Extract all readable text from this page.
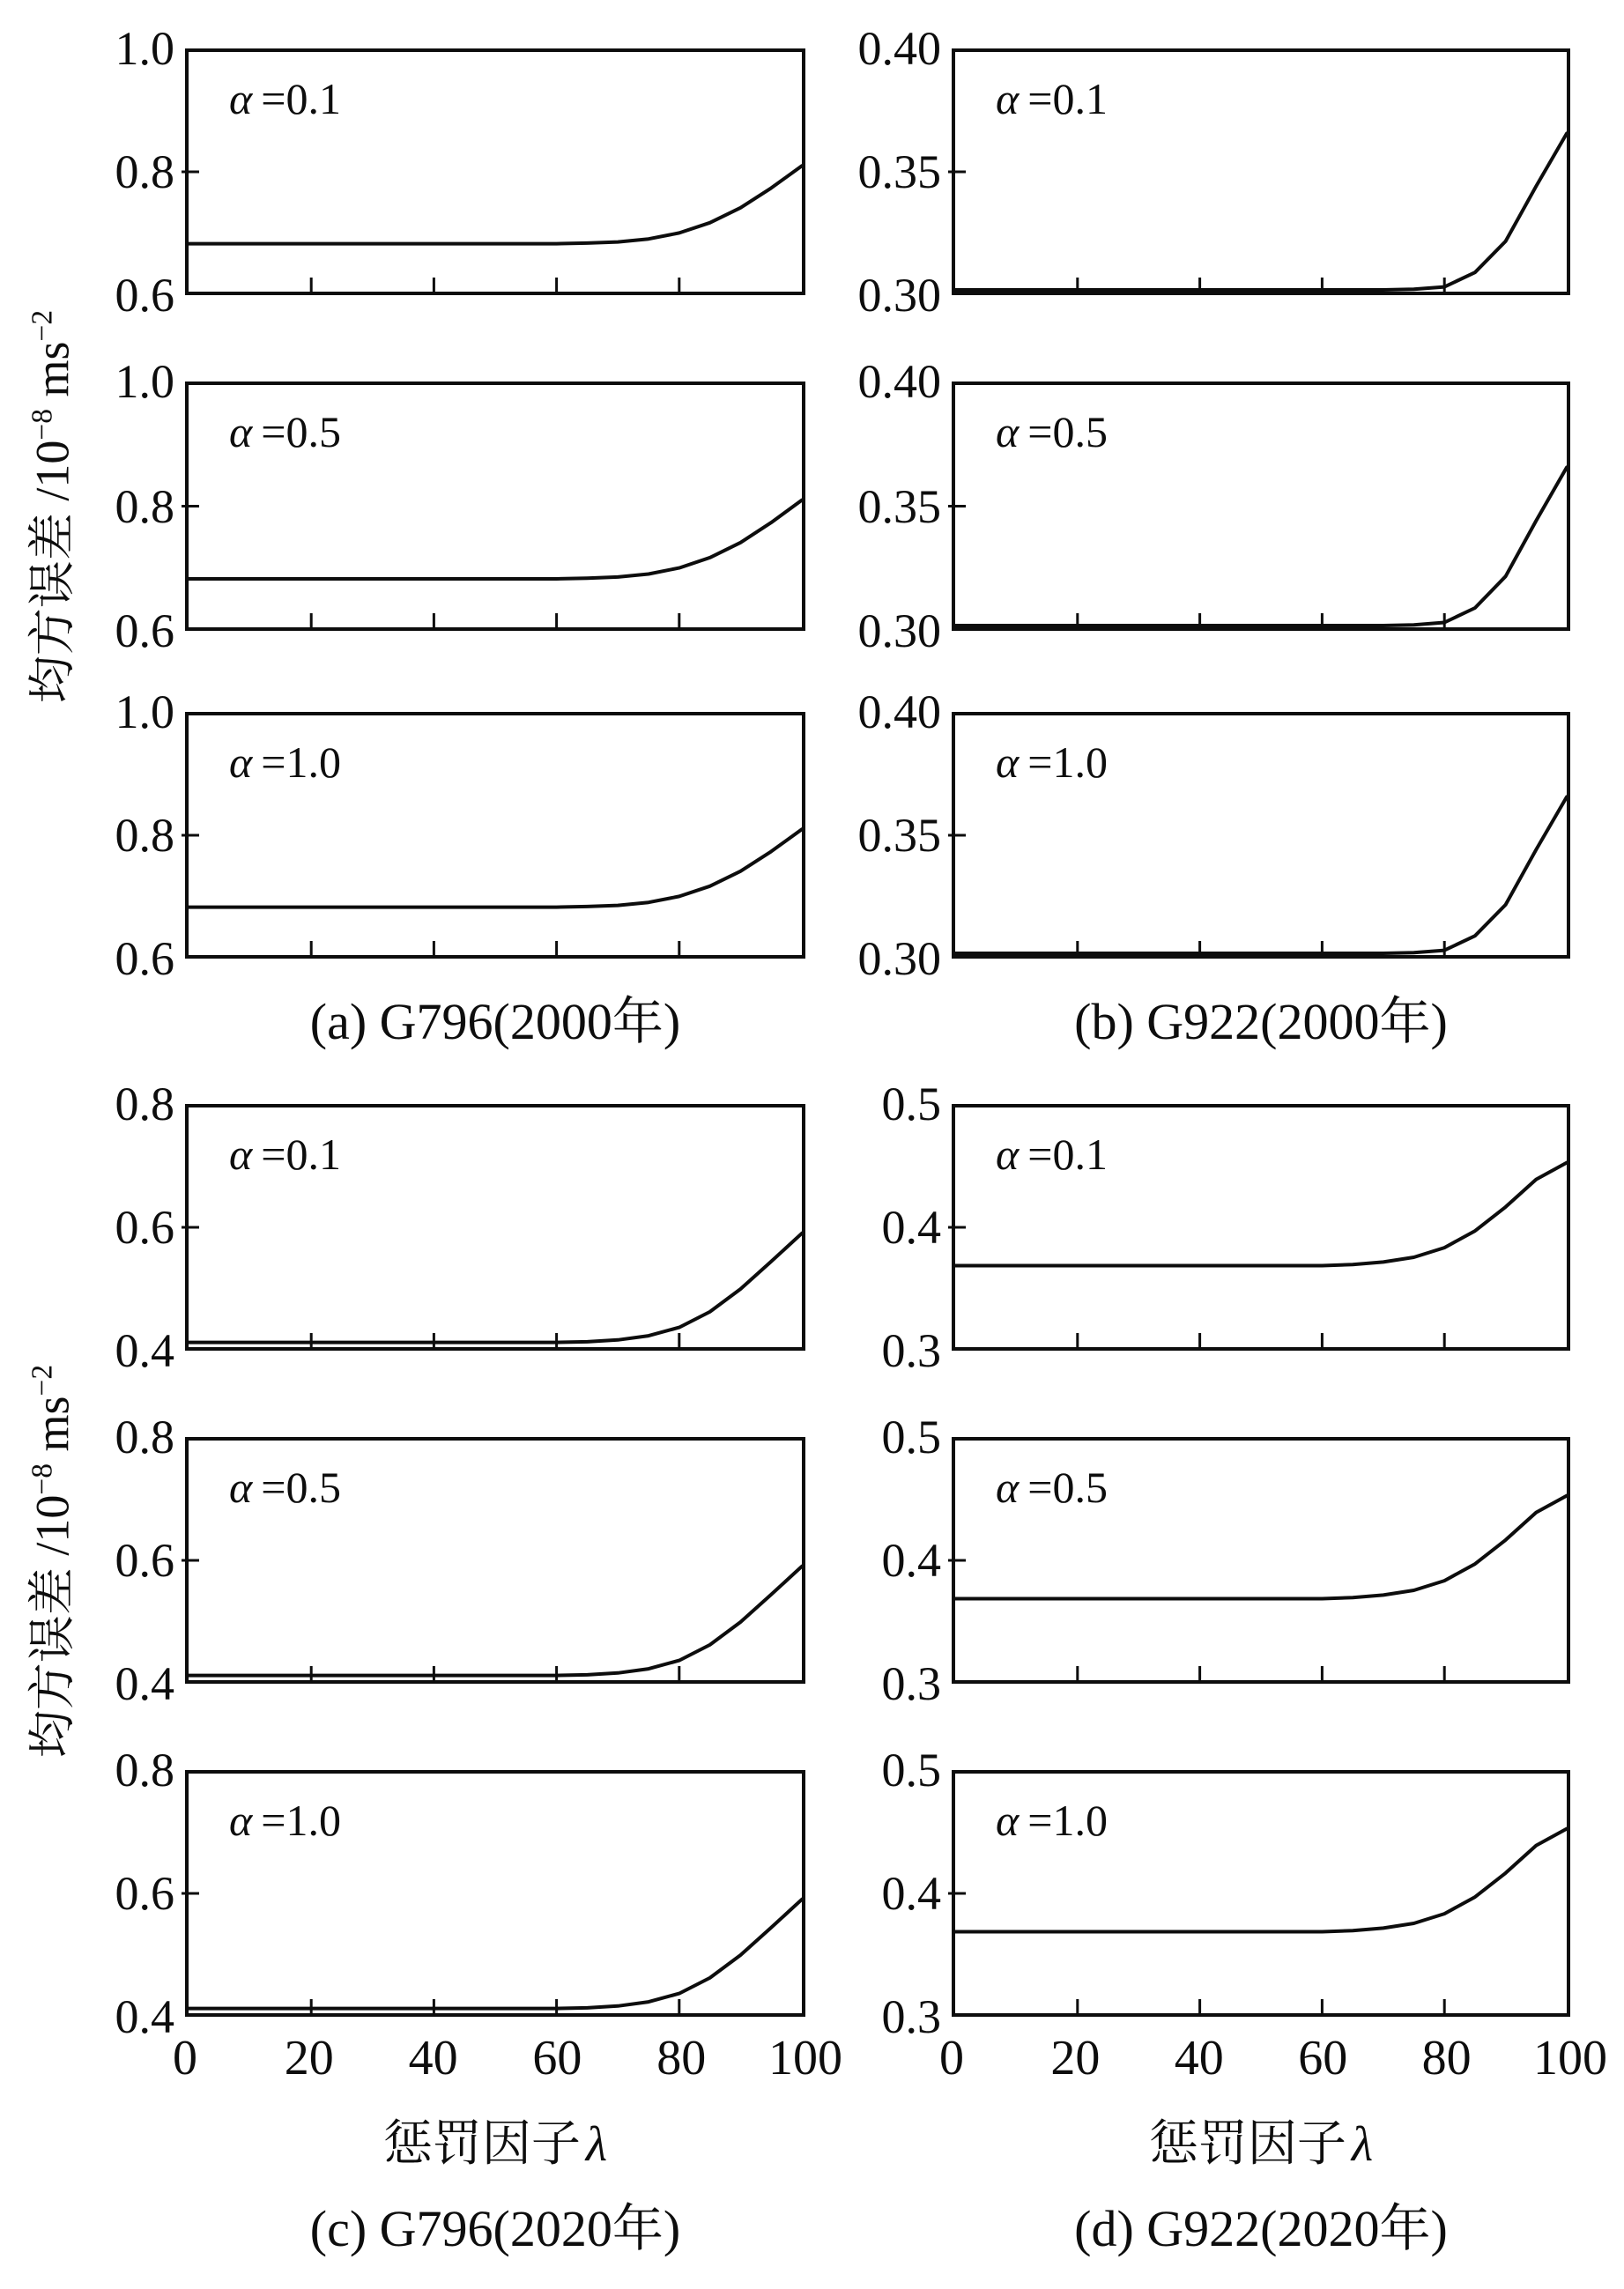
均方误差 $/10^{-8}$ $ms^{-2}$
均方误差 $/10^{-8}$ $ms^{-2}$
α =0.1
α =0.5
α =1.0
α =0.1
α =0.5
α =1.0
(a) G796(2000年)	(b) G922(2000年)
α =0.1
α =0.5
α =1.0
α =0.1
α =0.5
α =1.0
0 20 40 60 80 100 0 20 40 60 80 100
惩罚因子 λ	惩罚因子 λ
(c) G796(2020年)	(d) G922(2020年)
0.6
0.8
1.0
0.6
0.8
1.0
0.6
0.8
1.0
0.30
0.35
0.40
0.30
0.35
0.40
0.30
0.35
0.40
0.4
0.6
0.8
0.4
0.6
0.8
0.4
0.6
0.8
0.3
0.4
0.5
0.3
0.4
0.5
0.3
0.4
0.5
